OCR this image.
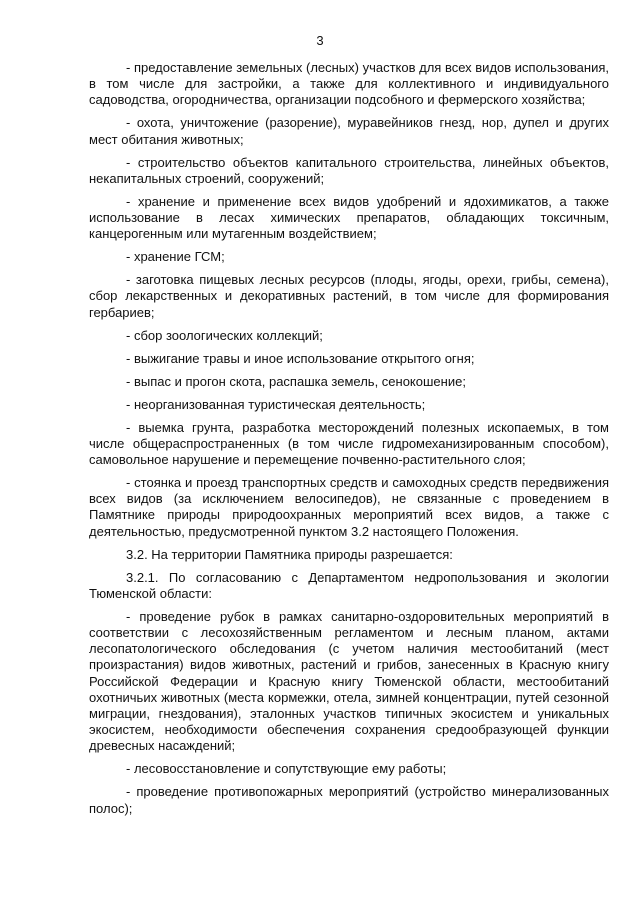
3

- предоставление земельных (лесных) участков для всех видов использования, в том числе для застройки, а также для коллективного и индивидуального садоводства, огородничества, организации подсобного и фермерского хозяйства;

- охота, уничтожение (разорение), муравейников гнезд, нор, дупел и других мест обитания животных;

- строительство объектов капитального строительства, линейных объектов, некапитальных строений, сооружений;

- хранение и применение всех видов удобрений и ядохимикатов, а также использование в лесах химических препаратов, обладающих токсичным, канцерогенным или мутагенным воздействием;

- хранение ГСМ;

- заготовка пищевых лесных ресурсов (плоды, ягоды, орехи, грибы, семена), сбор лекарственных и декоративных растений, в том числе для формирования гербариев;

- сбор зоологических коллекций;

- выжигание травы и иное использование открытого огня;

- выпас и прогон скота, распашка земель, сенокошение;

- неорганизованная туристическая деятельность;

- выемка грунта, разработка месторождений полезных ископаемых, в том числе общераспространенных (в том числе гидромеханизированным способом), самовольное нарушение и перемещение почвенно-растительного слоя;

- стоянка и проезд транспортных средств и самоходных средств передвижения всех видов (за исключением велосипедов), не связанные с проведением в Памятнике природы природоохранных мероприятий всех видов, а также с деятельностью, предусмотренной пунктом 3.2 настоящего Положения.

3.2. На территории Памятника природы разрешается:

3.2.1. По согласованию с Департаментом недропользования и экологии Тюменской области:

- проведение рубок в рамках санитарно-оздоровительных мероприятий в соответствии с лесохозяйственным регламентом и лесным планом, актами лесопатологического обследования (с учетом наличия местообитаний (мест произрастания) видов животных, растений и грибов, занесенных в Красную книгу Российской Федерации и Красную книгу Тюменской области, местообитаний охотничьих животных (места кормежки, отела, зимней концентрации, путей сезонной миграции, гнездования), эталонных участков типичных экосистем и уникальных экосистем, необходимости обеспечения сохранения средообразующей функции древесных насаждений;

- лесовосстановление и сопутствующие ему работы;

- проведение противопожарных мероприятий (устройство минерализованных полос);
